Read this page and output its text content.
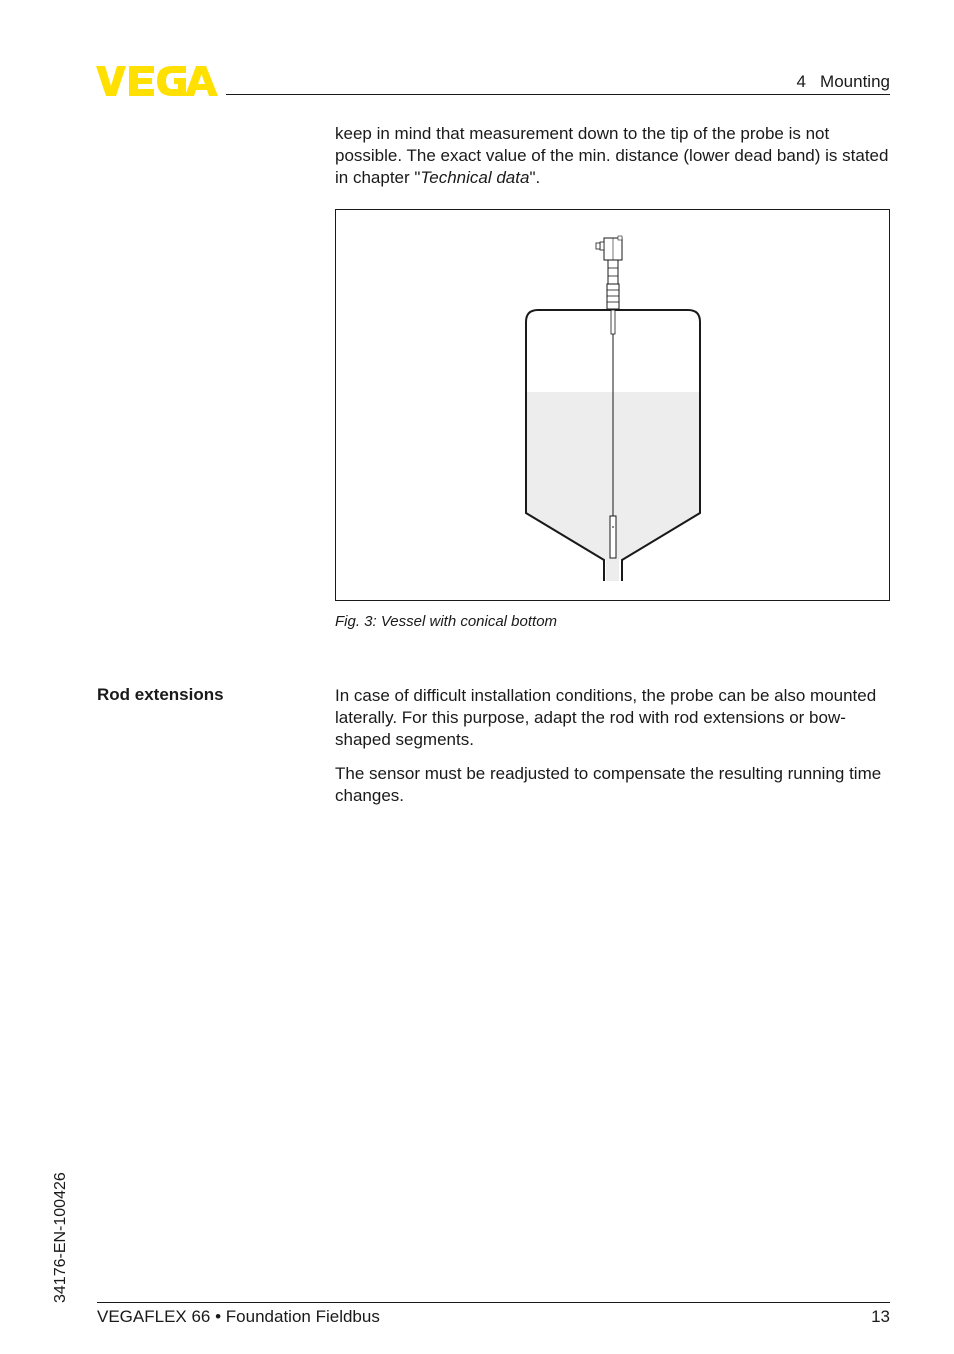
4   Mounting

keep in mind that measurement down to the tip of the probe is not possible. The exact value of the min. distance (lower dead band) is stated in chapter "Technical data".

Fig. 3: Vessel with conical bottom
Rod extensions	In case of difficult installation conditions, the probe can be also mounted laterally. For this purpose, adapt the rod with rod extensions or bow-shaped segments.

The sensor must be readjusted to compensate the resulting running time changes.

34176-EN-100426
VEGAFLEX 66 • Foundation Fieldbus	13
